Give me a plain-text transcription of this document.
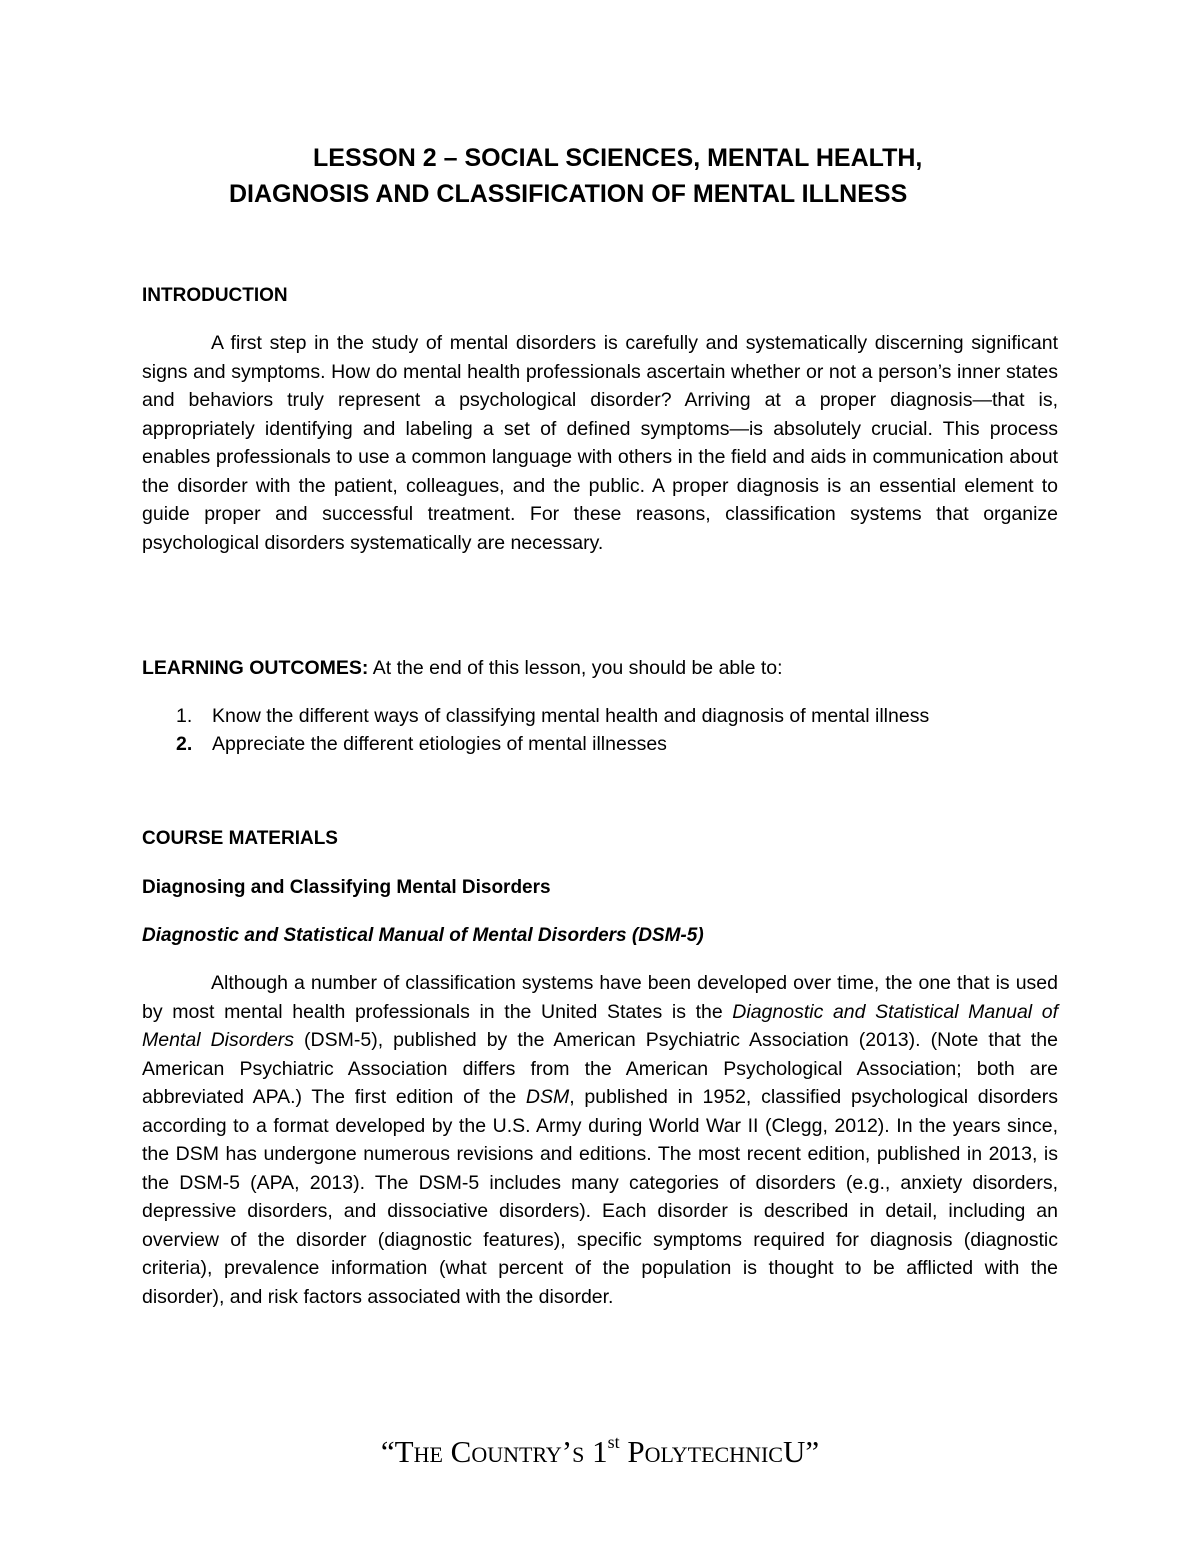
LESSON 2 – SOCIAL SCIENCES, MENTAL HEALTH,

DIAGNOSIS AND CLASSIFICATION OF MENTAL ILLNESS

INTRODUCTION

A first step in the study of mental disorders is carefully and systematically discerning significant signs and symptoms. How do mental health professionals ascertain whether or not a person’s inner states and behaviors truly represent a psychological disorder? Arriving at a proper diagnosis—that is, appropriately identifying and labeling a set of defined symptoms—is absolutely crucial. This process enables professionals to use a common language with others in the field and aids in communication about the disorder with the patient, colleagues, and the public. A proper diagnosis is an essential element to guide proper and successful treatment. For these reasons, classification systems that organize psychological disorders systematically are necessary.

LEARNING OUTCOMES: At the end of this lesson, you should be able to:

1. Know the different ways of classifying mental health and diagnosis of mental illness
2. Appreciate the different etiologies of mental illnesses

COURSE MATERIALS

Diagnosing and Classifying Mental Disorders

Diagnostic and Statistical Manual of Mental Disorders (DSM-5)

Although a number of classification systems have been developed over time, the one that is used by most mental health professionals in the United States is the Diagnostic and Statistical Manual of Mental Disorders (DSM-5), published by the American Psychiatric Association (2013). (Note that the American Psychiatric Association differs from the American Psychological Association; both are abbreviated APA.) The first edition of the DSM, published in 1952, classified psychological disorders according to a format developed by the U.S. Army during World War II (Clegg, 2012). In the years since, the DSM has undergone numerous revisions and editions. The most recent edition, published in 2013, is the DSM-5 (APA, 2013). The DSM-5 includes many categories of disorders (e.g., anxiety disorders, depressive disorders, and dissociative disorders). Each disorder is described in detail, including an overview of the disorder (diagnostic features), specific symptoms required for diagnosis (diagnostic criteria), prevalence information (what percent of the population is thought to be afflicted with the disorder), and risk factors associated with the disorder.

“The Country’s 1st PolytechnicU”
